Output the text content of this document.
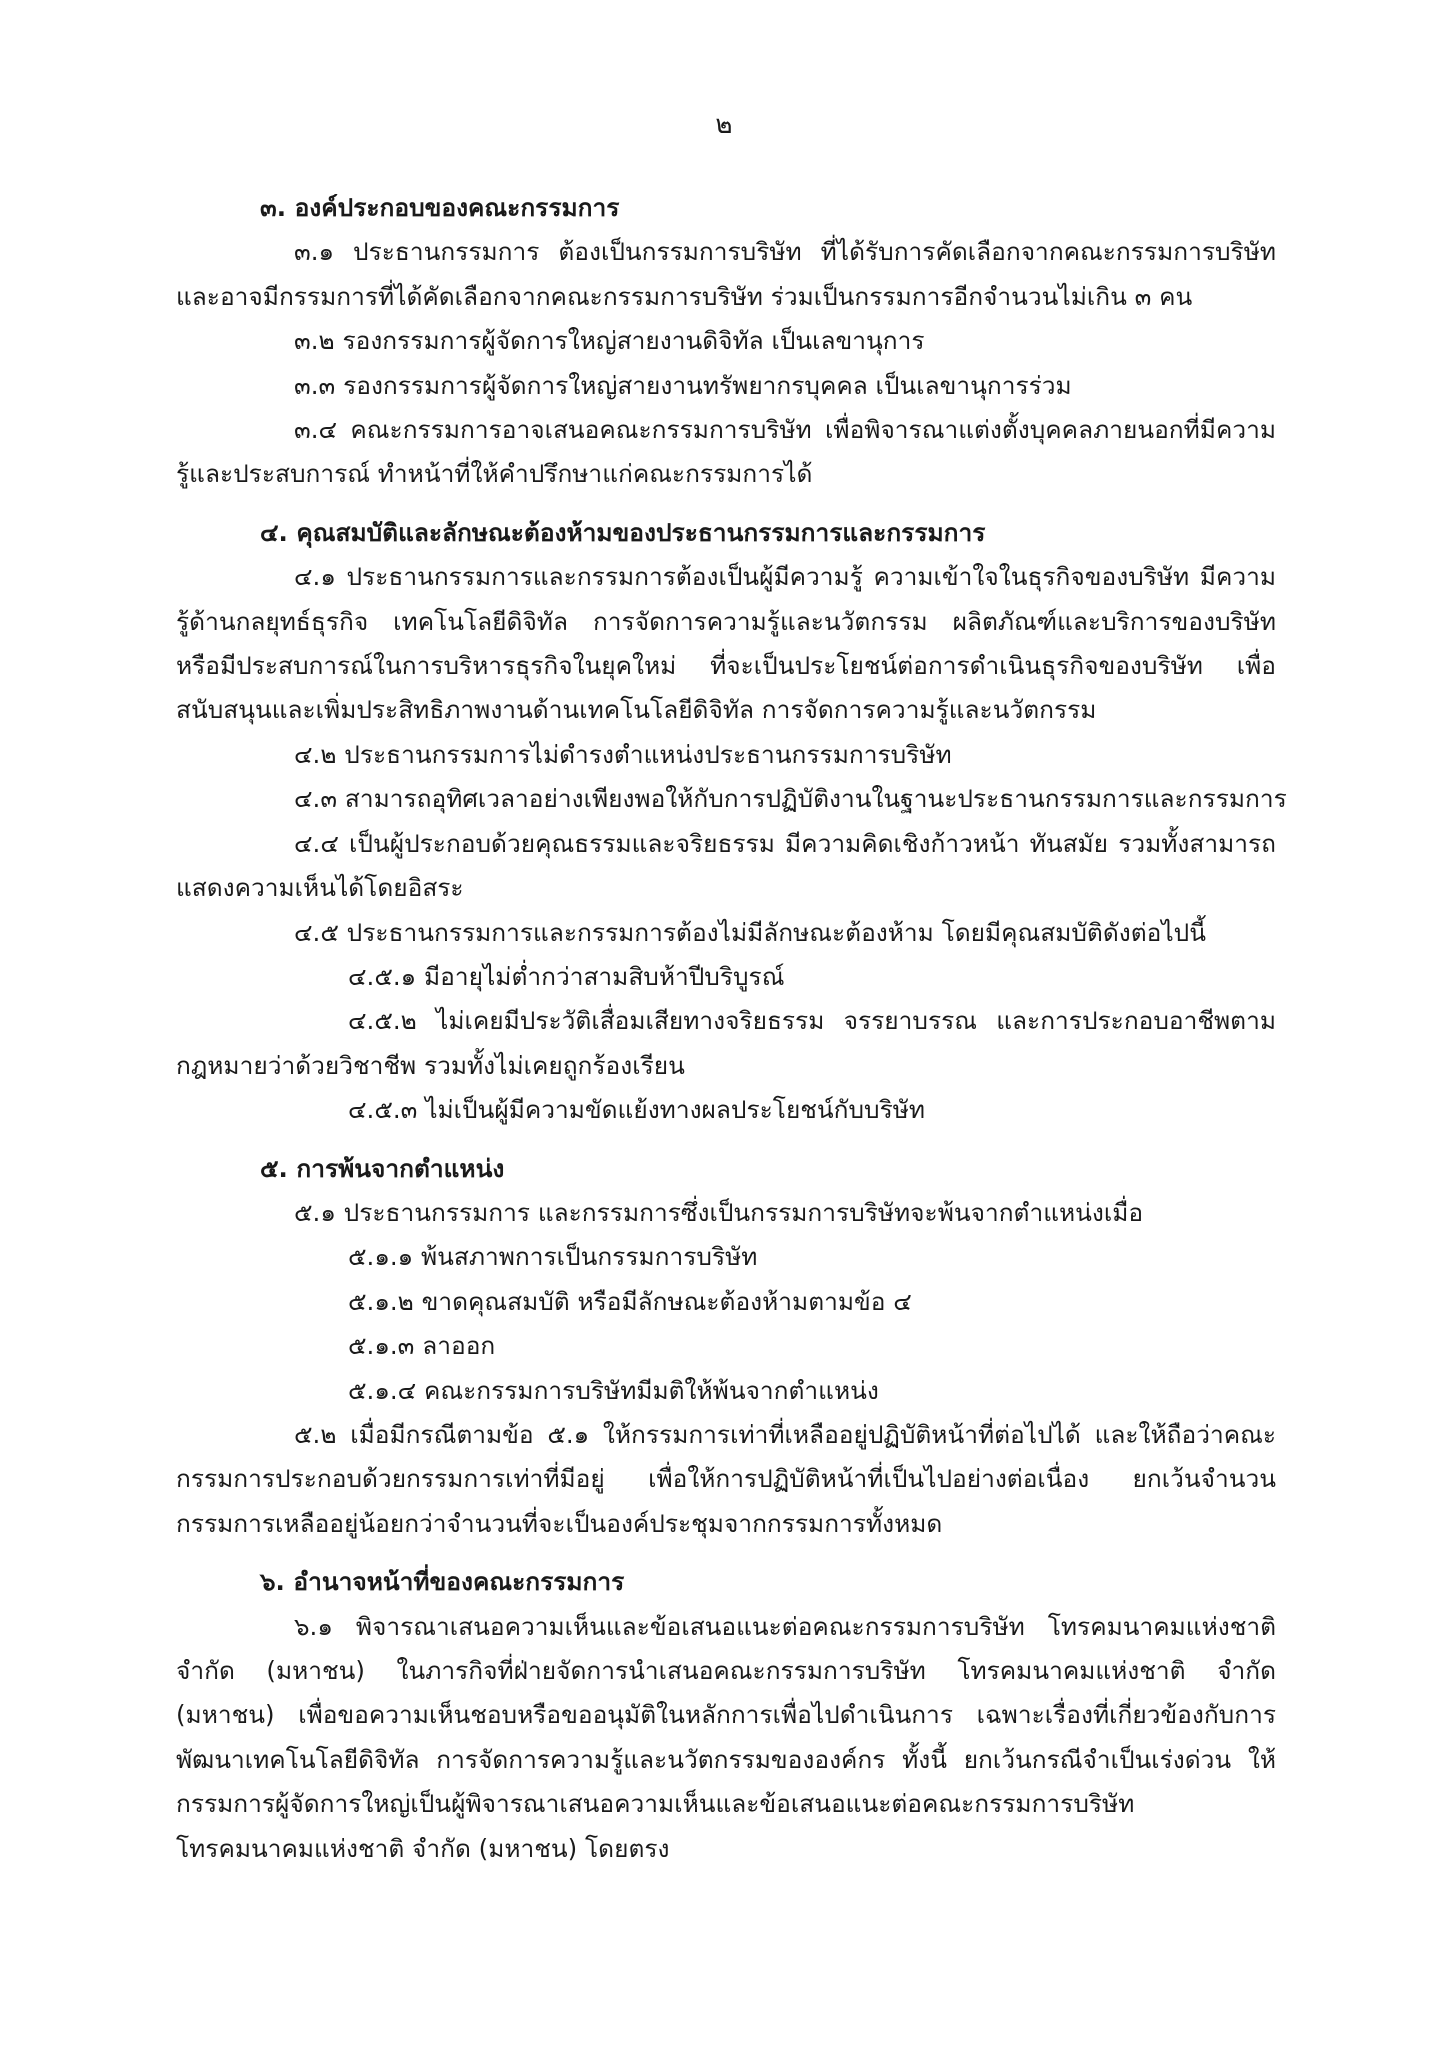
๒
๓. องค์ประกอบของคณะกรรมการ
๓.๑ ประธานกรรมการ ต้องเป็นกรรมการบริษัท ที่ได้รับการคัดเลือกจากคณะกรรมการบริษัท และอาจมีกรรมการที่ได้คัดเลือกจากคณะกรรมการบริษัท ร่วมเป็นกรรมการอีกจำนวนไม่เกิน ๓ คน
๓.๒ รองกรรมการผู้จัดการใหญ่สายงานดิจิทัล เป็นเลขานุการ
๓.๓ รองกรรมการผู้จัดการใหญ่สายงานทรัพยากรบุคคล เป็นเลขานุการร่วม
๓.๔ คณะกรรมการอาจเสนอคณะกรรมการบริษัท เพื่อพิจารณาแต่งตั้งบุคคลภายนอกที่มีความรู้และประสบการณ์ ทำหน้าที่ให้คำปรึกษาแก่คณะกรรมการได้
๔. คุณสมบัติและลักษณะต้องห้ามของประธานกรรมการและกรรมการ
๔.๑ ประธานกรรมการและกรรมการต้องเป็นผู้มีความรู้ ความเข้าใจในธุรกิจของบริษัท มีความรู้ด้านกลยุทธ์ธุรกิจ เทคโนโลยีดิจิทัล การจัดการความรู้และนวัตกรรม ผลิตภัณฑ์และบริการของบริษัท หรือมีประสบการณ์ในการบริหารธุรกิจในยุคใหม่ ที่จะเป็นประโยชน์ต่อการดำเนินธุรกิจของบริษัท เพื่อสนับสนุนและเพิ่มประสิทธิภาพงานด้านเทคโนโลยีดิจิทัล การจัดการความรู้และนวัตกรรม
๔.๒ ประธานกรรมการไม่ดำรงตำแหน่งประธานกรรมการบริษัท
๔.๓ สามารถอุทิศเวลาอย่างเพียงพอให้กับการปฏิบัติงานในฐานะประธานกรรมการและกรรมการ
๔.๔ เป็นผู้ประกอบด้วยคุณธรรมและจริยธรรม มีความคิดเชิงก้าวหน้า ทันสมัย รวมทั้งสามารถแสดงความเห็นได้โดยอิสระ
๔.๕ ประธานกรรมการและกรรมการต้องไม่มีลักษณะต้องห้าม โดยมีคุณสมบัติดังต่อไปนี้
๔.๕.๑ มีอายุไม่ต่ำกว่าสามสิบห้าปีบริบูรณ์
๔.๕.๒ ไม่เคยมีประวัติเสื่อมเสียทางจริยธรรม จรรยาบรรณ และการประกอบอาชีพตามกฎหมายว่าด้วยวิชาชีพ รวมทั้งไม่เคยถูกร้องเรียน
๔.๕.๓ ไม่เป็นผู้มีความขัดแย้งทางผลประโยชน์กับบริษัท
๕. การพ้นจากตำแหน่ง
๕.๑ ประธานกรรมการ และกรรมการซึ่งเป็นกรรมการบริษัทจะพ้นจากตำแหน่งเมื่อ
๕.๑.๑ พ้นสภาพการเป็นกรรมการบริษัท
๕.๑.๒ ขาดคุณสมบัติ หรือมีลักษณะต้องห้ามตามข้อ ๔
๕.๑.๓ ลาออก
๕.๑.๔ คณะกรรมการบริษัทมีมติให้พ้นจากตำแหน่ง
๕.๒ เมื่อมีกรณีตามข้อ ๕.๑ ให้กรรมการเท่าที่เหลืออยู่ปฏิบัติหน้าที่ต่อไปได้ และให้ถือว่าคณะกรรมการประกอบด้วยกรรมการเท่าที่มีอยู่ เพื่อให้การปฏิบัติหน้าที่เป็นไปอย่างต่อเนื่อง ยกเว้นจำนวนกรรมการเหลืออยู่น้อยกว่าจำนวนที่จะเป็นองค์ประชุมจากกรรมการทั้งหมด
๖. อำนาจหน้าที่ของคณะกรรมการ
๖.๑ พิจารณาเสนอความเห็นและข้อเสนอแนะต่อคณะกรรมการบริษัท โทรคมนาคมแห่งชาติ จำกัด (มหาชน) ในภารกิจที่ฝ่ายจัดการนำเสนอคณะกรรมการบริษัท โทรคมนาคมแห่งชาติ จำกัด (มหาชน) เพื่อขอความเห็นชอบหรือขออนุมัติในหลักการเพื่อไปดำเนินการ เฉพาะเรื่องที่เกี่ยวข้องกับการพัฒนาเทคโนโลยีดิจิทัล การจัดการความรู้และนวัตกรรมขององค์กร ทั้งนี้ ยกเว้นกรณีจำเป็นเร่งด่วน ให้กรรมการผู้จัดการใหญ่เป็นผู้พิจารณาเสนอความเห็นและข้อเสนอแนะต่อคณะกรรมการบริษัท โทรคมนาคมแห่งชาติ จำกัด (มหาชน) โดยตรง
